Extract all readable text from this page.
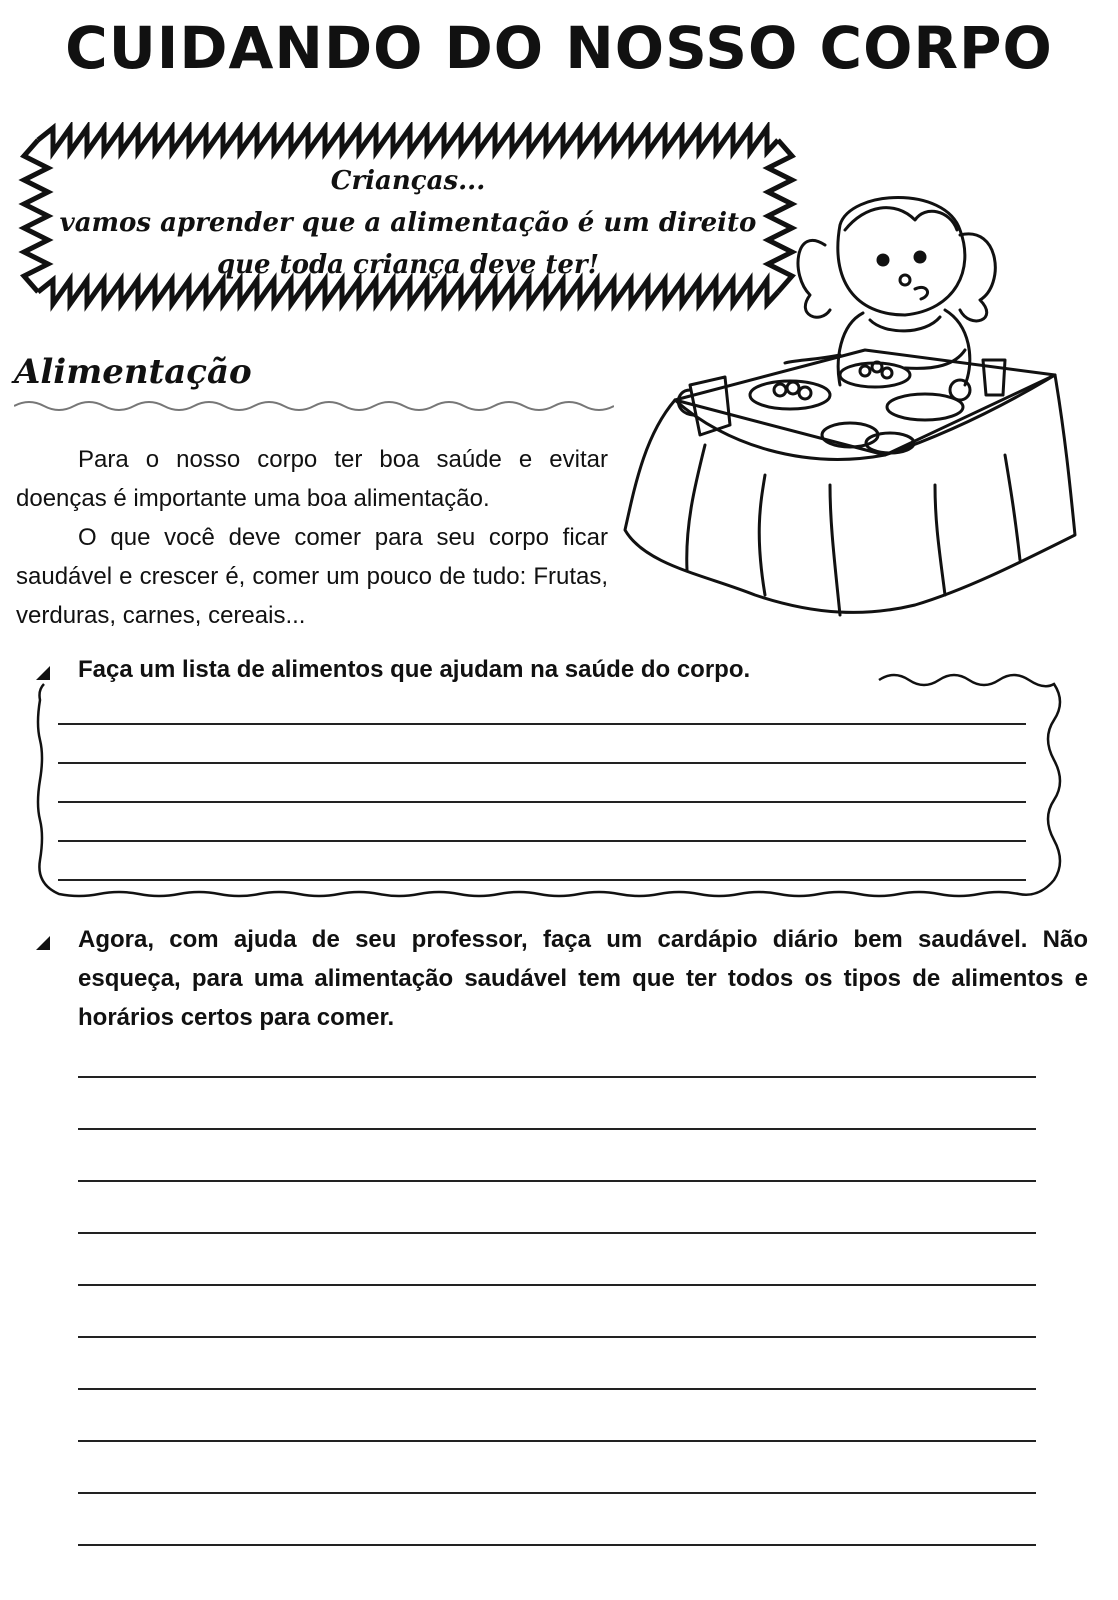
CUIDANDO DO NOSSO CORPO
Crianças...
vamos aprender que a alimentação é um direito
que toda criança deve ter!
Alimentação
Para o nosso corpo ter boa saúde e evitar doenças é importante uma boa alimentação.
O que você deve comer para seu corpo ficar saudável e crescer é, comer um pouco de tudo: Frutas, verduras, carnes, cereais...
Faça um lista de alimentos que ajudam na saúde do corpo.
Agora, com ajuda de seu professor, faça um cardápio diário bem saudável. Não esqueça, para uma alimentação saudável tem que ter todos os tipos de alimentos e horários certos para comer.
